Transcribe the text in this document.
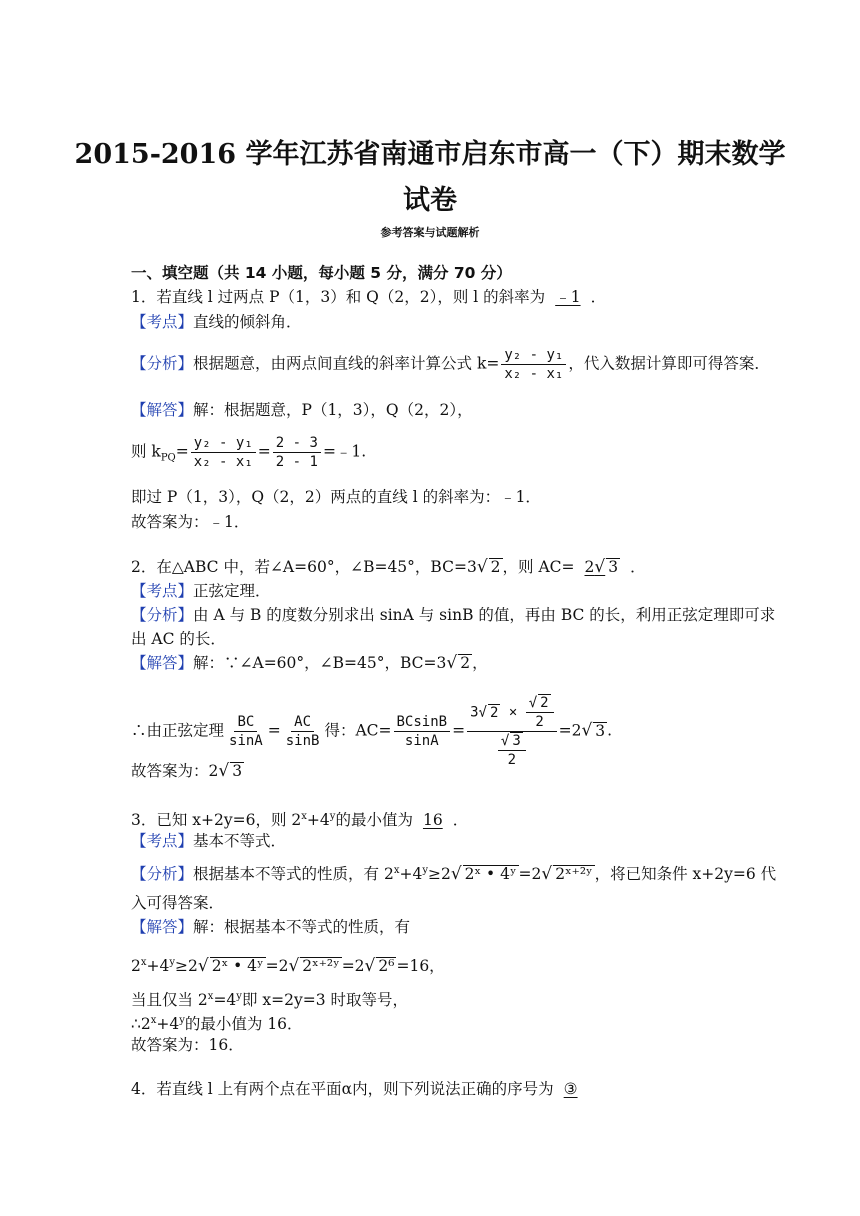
2015-2016 学年江苏省南通市启东市高一（下）期末数学
试卷
参考答案与试题解析
一、填空题（共 14 小题，每小题 5 分，满分 70 分）
1．若直线 l 过两点 P（1，3）和 Q（2，2），则 l 的斜率为 ﹣1 ．
【考点】直线的倾斜角．
【分析】根据题意，由两点间直线的斜率计算公式 $k= \frac{\text{y₂ - y₁}}{\text{x₂ - x₁}}$ ，代入数据计算即可得答案．
【解答】解：根据题意，P（1，3），Q（2，2），
则 $k_{PQ}= \frac{\text{y₂ - y₁}}{\text{x₂ - x₁}} = \frac{2 - 3}{2 - 1}$ =﹣1.
即过 P（1，3），Q（2，2）两点的直线 l 的斜率为：﹣1．
故答案为：﹣1．
2．在△ABC 中，若∠A=60°，∠B=45°，BC=3√ 2 ，则 AC= 2√ 3 ．
【考点】正弦定理．
【分析】由 A 与 B 的度数分别求出 sinA 与 sinB 的值，再由 BC 的长，利用正弦定理即可求
出 AC 的长．
【解答】解：∵∠A=60°，∠B=45°，BC=3√ 2 ，
∴由正弦定理 $\frac{BC}{\sin A} = \frac{AC}{\sin B}$ 得：$AC= \frac{BCsinB}{\sin A} = \frac{3√ 2 \times \frac{√ 2}{2}}{\frac{√ 3}{2}} =2√$ 3 .
故答案为：2√ 3
3．已知 x+2y=6，则 $2^x+4^y$的最小值为 16 ．
【考点】基本不等式．
【分析】根据基本不等式的性质，有 $2^x+4^y\ge 2√$ 2ˣ • 4ʸ =2√ 2ˣ⁺²ʸ ，将已知条件 x+2y=6 代
入可得答案．
【解答】解：根据基本不等式的性质，有
$2^x+4^y\ge 2√$ 2ˣ • 4ʸ =2√ 2ˣ⁺²ʸ =2√ 2⁶ =16，
当且仅当 $2^x=4^y$即 x=2y=3 时取等号，
$\therefore 2^x+4^y$的最小值为 16．
故答案为：16．
4．若直线 l 上有两个点在平面α内，则下列说法正确的序号为 ③
